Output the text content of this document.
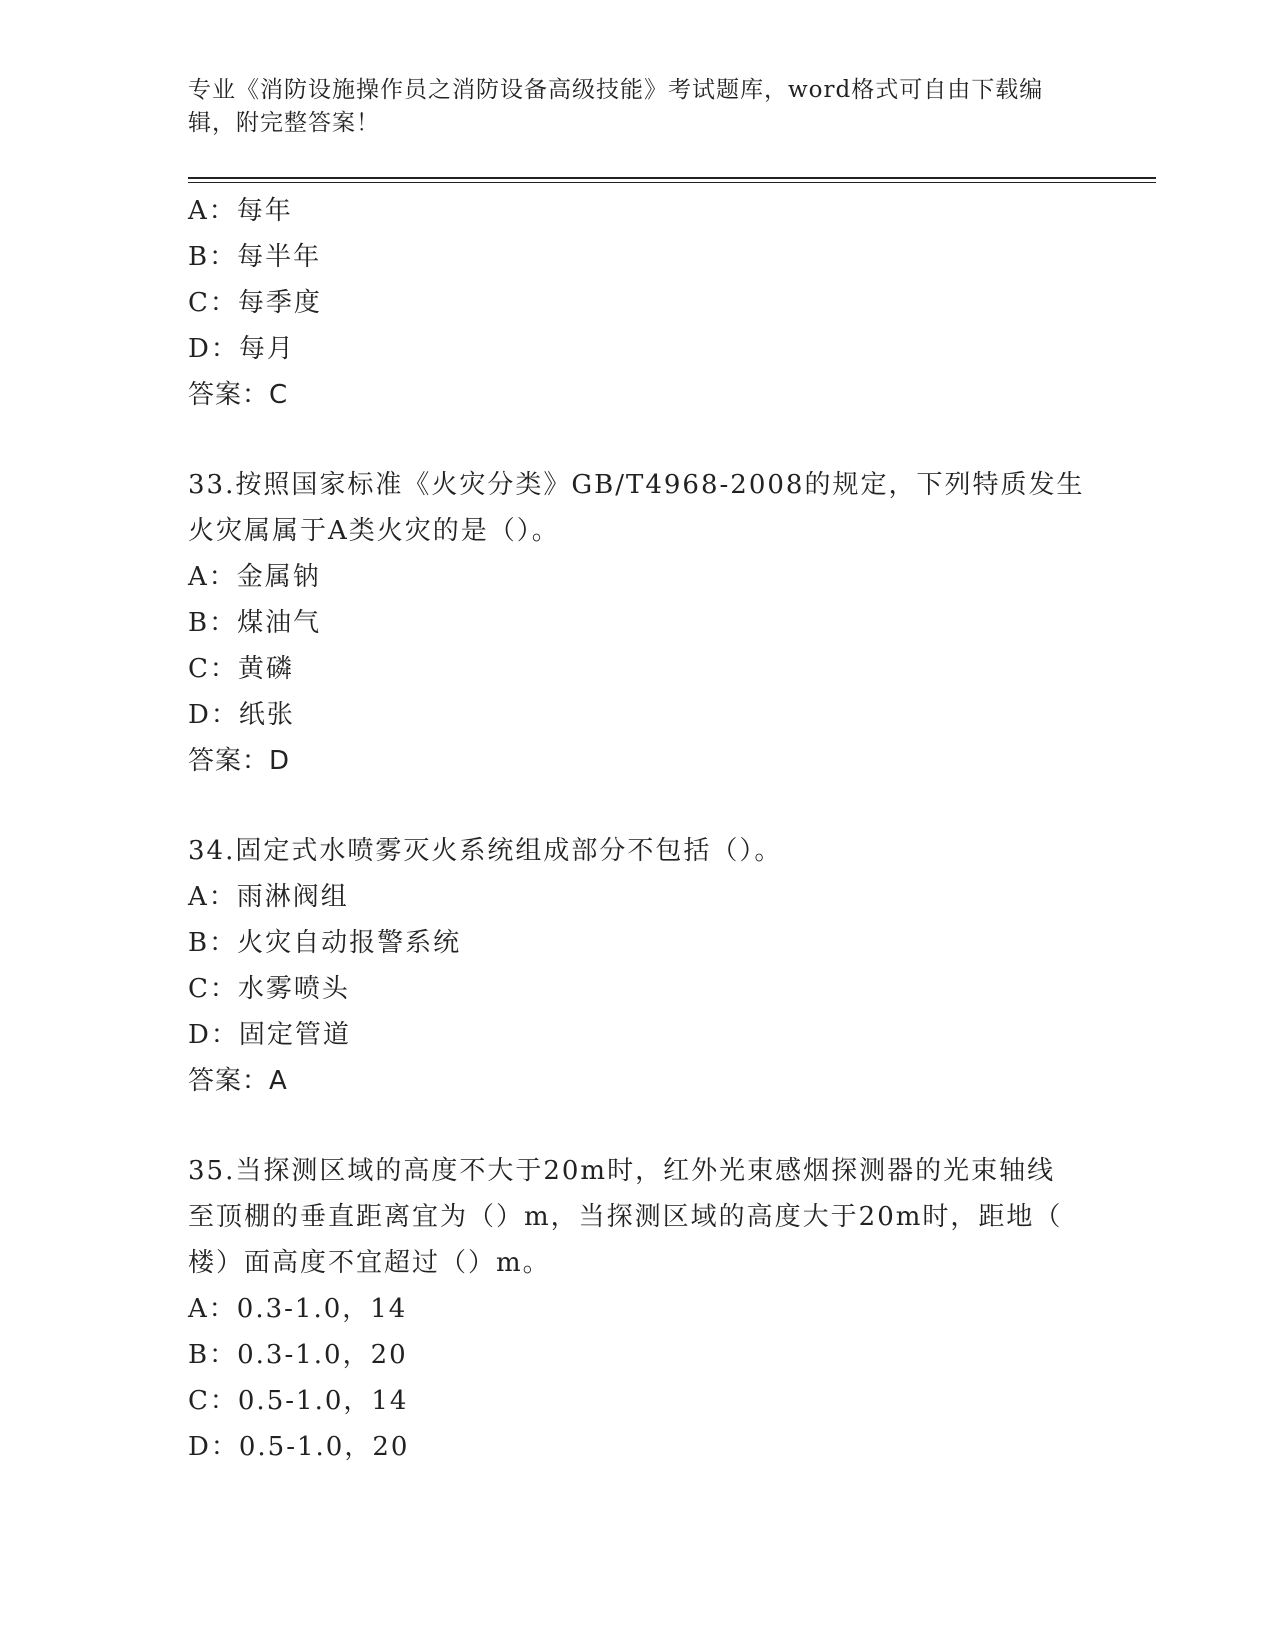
专业《消防设施操作员之消防设备高级技能》考试题库，word格式可自由下载编
辑，附完整答案！
A：每年
B：每半年
C：每季度
D：每月
答案：C
33.按照国家标准《火灾分类》GB/T4968-2008的规定，下列特质发生
火灾属属于A类火灾的是（）。
A：金属钠
B：煤油气
C：黄磷
D：纸张
答案：D
34.固定式水喷雾灭火系统组成部分不包括（）。
A：雨淋阀组
B：火灾自动报警系统
C：水雾喷头
D：固定管道
答案：A
35.当探测区域的高度不大于20m时，红外光束感烟探测器的光束轴线
至顶棚的垂直距离宜为（）m，当探测区域的高度大于20m时，距地（
楼）面高度不宜超过（）m。
A：0.3-1.0，14
B：0.3-1.0，20
C：0.5-1.0，14
D：0.5-1.0，20
